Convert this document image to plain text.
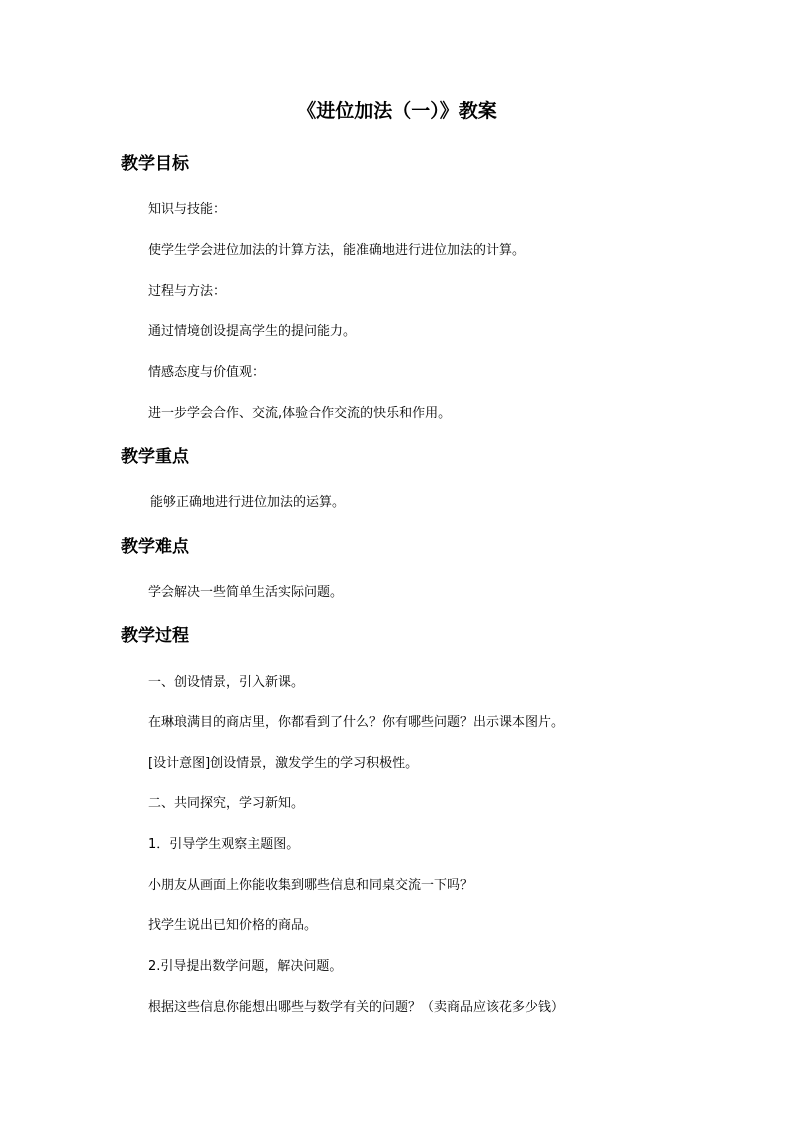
《进位加法（一）》教案
教学目标
知识与技能：
使学生学会进位加法的计算方法，能准确地进行进位加法的计算。
过程与方法：
通过情境创设提高学生的提问能力。
情感态度与价值观：
进一步学会合作、交流,体验合作交流的快乐和作用。
教学重点
能够正确地进行进位加法的运算。
教学难点
学会解决一些简单生活实际问题。
教学过程
一、创设情景，引入新课。
在琳琅满目的商店里，你都看到了什么？你有哪些问题？出示课本图片。
[设计意图]创设情景，激发学生的学习积极性。
二、共同探究，学习新知。
1．引导学生观察主题图。
小朋友从画面上你能收集到哪些信息和同桌交流一下吗？
找学生说出已知价格的商品。
2.引导提出数学问题，解决问题。
根据这些信息你能想出哪些与数学有关的问题？（卖商品应该花多少钱）
